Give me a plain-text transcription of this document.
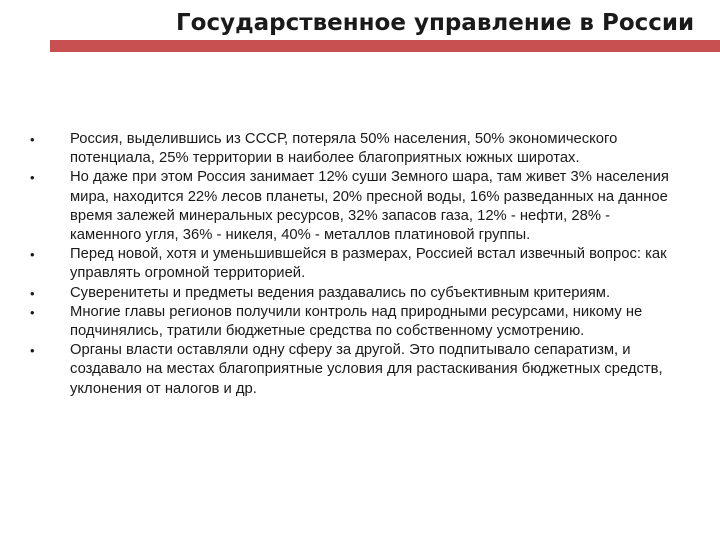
Государственное управление в России
•	Россия, выделившись из СССР, потеряла 50% населения, 50% экономического потенциала, 25% территории в наиболее благоприятных южных широтах.
•	Но даже при этом Россия занимает 12% суши Земного шара, там живет 3% населения мира, находится 22% лесов планеты, 20% пресной воды, 16% разведанных на данное время залежей минеральных ресурсов, 32% запасов газа, 12% - нефти, 28% - каменного угля, 36% - никеля, 40% - металлов платиновой группы.
•	Перед новой, хотя и уменьшившейся в размерах, Россией встал извечный вопрос: как управлять огромной территорией.
•	Суверенитеты и предметы ведения раздавались по субъективным критериям.
•	Многие главы регионов получили контроль над природными ресурсами, никому не подчинялись, тратили бюджетные средства по собственному усмотрению.
•	Органы власти оставляли одну сферу за другой. Это подпитывало сепаратизм, и создавало на местах благоприятные условия для растаскивания бюджетных средств, уклонения от налогов и др.
